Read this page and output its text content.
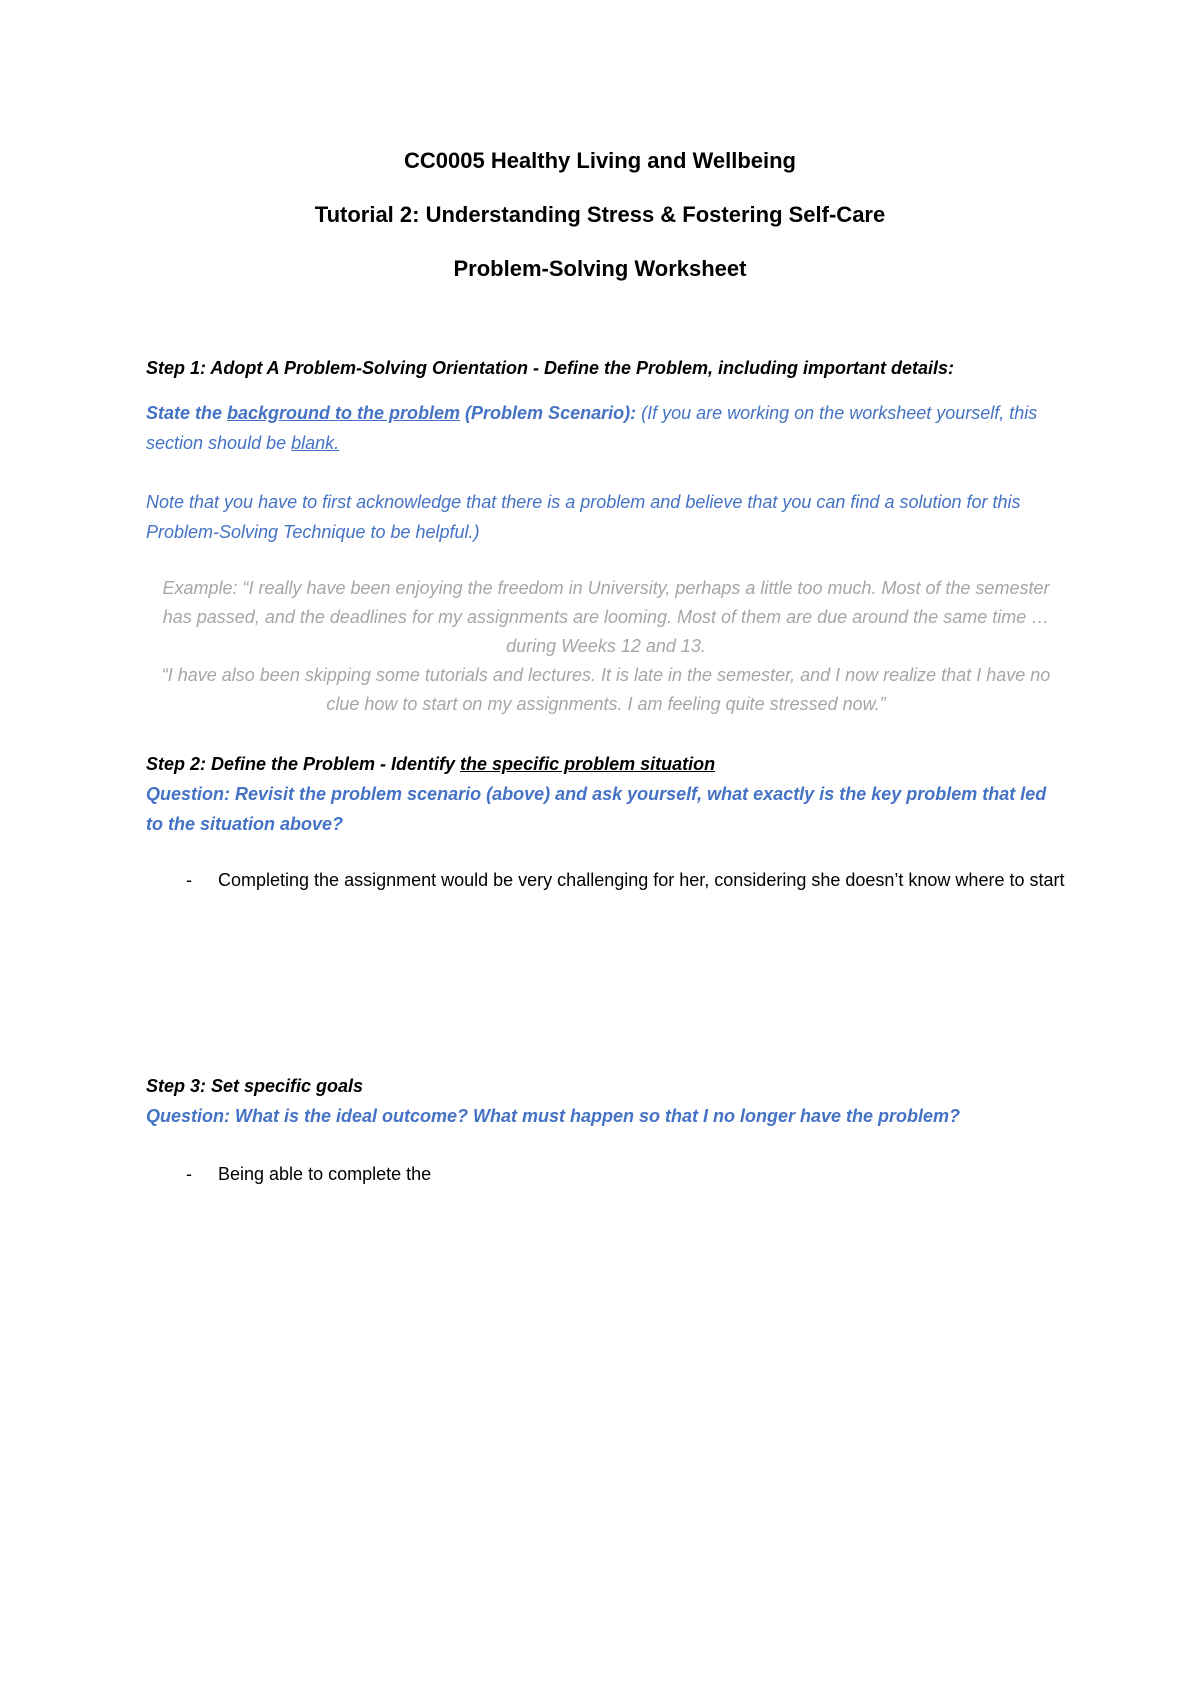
CC0005 Healthy Living and Wellbeing

Tutorial 2: Understanding Stress & Fostering Self-Care

Problem-Solving Worksheet

Step 1: Adopt A Problem-Solving Orientation - Define the Problem, including important details:

State the background to the problem (Problem Scenario): (If you are working on the worksheet yourself, this section should be blank.

Note that you have to first acknowledge that there is a problem and believe that you can find a solution for this Problem-Solving Technique to be helpful.)

Example: “I really have been enjoying the freedom in University, perhaps a little too much. Most of the semester has passed, and the deadlines for my assignments are looming. Most of them are due around the same time … during Weeks 12 and 13.

“I have also been skipping some tutorials and lectures. It is late in the semester, and I now realize that I have no clue how to start on my assignments. I am feeling quite stressed now.”

Step 2: Define the Problem - Identify the specific problem situation

Question: Revisit the problem scenario (above) and ask yourself, what exactly is the key problem that led to the situation above?

- Completing the assignment would be very challenging for her, considering she doesn’t know where to start

Step 3: Set specific goals

Question: What is the ideal outcome? What must happen so that I no longer have the problem?

- Being able to complete the
